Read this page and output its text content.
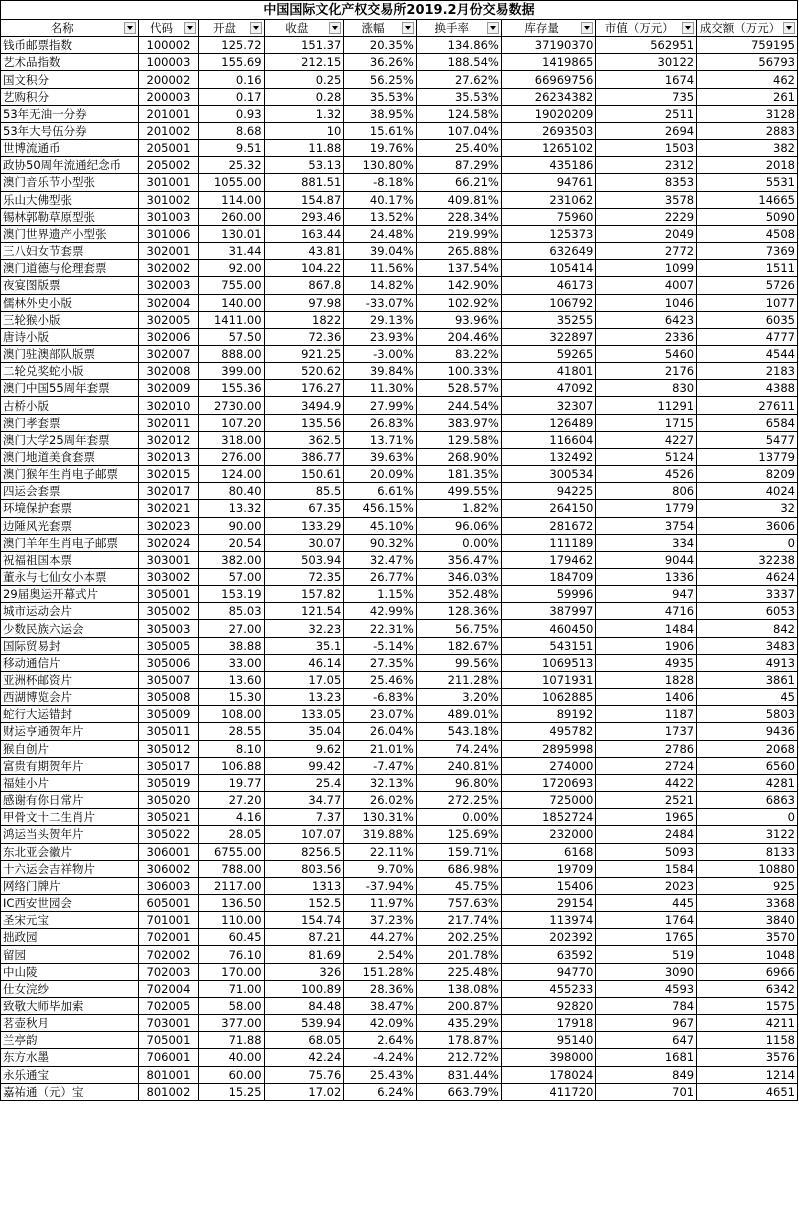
中国国际文化产权交易所2019.2月份交易数据
名称	代码	开盘	收盘	涨幅	换手率	库存量	市值（万元）	成交额（万元）

钱币邮票指数	100002	125.72	151.37	20.35%	134.86%	37190370	562951	759195
艺术品指数	100003	155.69	212.15	36.26%	188.54%	1419865	30122	56793
国文积分	200002	0.16	0.25	56.25%	27.62%	66969756	1674	462
艺购积分	200003	0.17	0.28	35.53%	35.53%	26234382	735	261
53年无油一分券	201001	0.93	1.32	38.95%	124.58%	19020209	2511	3128
53年大号伍分券	201002	8.68	10	15.61%	107.04%	2693503	2694	2883
世博流通币	205001	9.51	11.88	19.76%	25.40%	1265102	1503	382
政协50周年流通纪念币	205002	25.32	53.13	130.80%	87.29%	435186	2312	2018
澳门音乐节小型张	301001	1055.00	881.51	-8.18%	66.21%	94761	8353	5531
乐山大佛型张	301002	114.00	154.87	40.17%	409.81%	231062	3578	14665
锡林郭勒草原型张	301003	260.00	293.46	13.52%	228.34%	75960	2229	5090
澳门世界遗产小型张	301006	130.01	163.44	24.48%	219.99%	125373	2049	4508
三八妇女节套票	302001	31.44	43.81	39.04%	265.88%	632649	2772	7369
澳门道德与伦理套票	302002	92.00	104.22	11.56%	137.54%	105414	1099	1511
夜宴图版票	302003	755.00	867.8	14.82%	142.90%	46173	4007	5726
儒林外史小版	302004	140.00	97.98	-33.07%	102.92%	106792	1046	1077
三轮猴小版	302005	1411.00	1822	29.13%	93.96%	35255	6423	6035
唐诗小版	302006	57.50	72.36	23.93%	204.46%	322897	2336	4777
澳门驻澳部队版票	302007	888.00	921.25	-3.00%	83.22%	59265	5460	4544
二轮兑奖蛇小版	302008	399.00	520.62	39.84%	100.33%	41801	2176	2183
澳门中国55周年套票	302009	155.36	176.27	11.30%	528.57%	47092	830	4388
古桥小版	302010	2730.00	3494.9	27.99%	244.54%	32307	11291	27611
澳门孝套票	302011	107.20	135.56	26.83%	383.97%	126489	1715	6584
澳门大学25周年套票	302012	318.00	362.5	13.71%	129.58%	116604	4227	5477
澳门地道美食套票	302013	276.00	386.77	39.63%	268.90%	132492	5124	13779
澳门猴年生肖电子邮票	302015	124.00	150.61	20.09%	181.35%	300534	4526	8209
四运会套票	302017	80.40	85.5	6.61%	499.55%	94225	806	4024
环境保护套票	302021	13.32	67.35	456.15%	1.82%	264150	1779	32
边陲风光套票	302023	90.00	133.29	45.10%	96.06%	281672	3754	3606
澳门羊年生肖电子邮票	302024	20.54	30.07	90.32%	0.00%	111189	334	0
祝福祖国本票	303001	382.00	503.94	32.47%	356.47%	179462	9044	32238
董永与七仙女小本票	303002	57.00	72.35	26.77%	346.03%	184709	1336	4624
29届奥运开幕式片	305001	153.19	157.82	1.15%	352.48%	59996	947	3337
城市运动会片	305002	85.03	121.54	42.99%	128.36%	387997	4716	6053
少数民族六运会	305003	27.00	32.23	22.31%	56.75%	460450	1484	842
国际贸易封	305005	38.88	35.1	-5.14%	182.67%	543151	1906	3483
移动通信片	305006	33.00	46.14	27.35%	99.56%	1069513	4935	4913
亚洲杯邮资片	305007	13.60	17.05	25.46%	211.28%	1071931	1828	3861
西湖博览会片	305008	15.30	13.23	-6.83%	3.20%	1062885	1406	45
蛇行大运错封	305009	108.00	133.05	23.07%	489.01%	89192	1187	5803
财运亨通贺年片	305011	28.55	35.04	26.04%	543.18%	495782	1737	9436
猴自创片	305012	8.10	9.62	21.01%	74.24%	2895998	2786	2068
富贵有期贺年片	305017	106.88	99.42	-7.47%	240.81%	274000	2724	6560
福娃小片	305019	19.77	25.4	32.13%	96.80%	1720693	4422	4281
感谢有你日常片	305020	27.20	34.77	26.02%	272.25%	725000	2521	6863
甲骨文十二生肖片	305021	4.16	7.37	130.31%	0.00%	1852724	1965	0
鸿运当头贺年片	305022	28.05	107.07	319.88%	125.69%	232000	2484	3122
东北亚会徽片	306001	6755.00	8256.5	22.11%	159.71%	6168	5093	8133
十六运会吉祥物片	306002	788.00	803.56	9.70%	686.98%	19709	1584	10880
网络门牌片	306003	2117.00	1313	-37.94%	45.75%	15406	2023	925
IC西安世园会	605001	136.50	152.5	11.97%	757.63%	29154	445	3368
圣宋元宝	701001	110.00	154.74	37.23%	217.74%	113974	1764	3840
拙政园	702001	60.45	87.21	44.27%	202.25%	202392	1765	3570
留园	702002	76.10	81.69	2.54%	201.78%	63592	519	1048
中山陵	702003	170.00	326	151.28%	225.48%	94770	3090	6966
仕女浣纱	702004	71.00	100.89	28.36%	138.08%	455233	4593	6342
致敬大师毕加索	702005	58.00	84.48	38.47%	200.87%	92820	784	1575
茗壶秋月	703001	377.00	539.94	42.09%	435.29%	17918	967	4211
兰亭韵	705001	71.88	68.05	2.64%	178.87%	95140	647	1158
东方水墨	706001	40.00	42.24	-4.24%	212.72%	398000	1681	3576
永乐通宝	801001	60.00	75.76	25.43%	831.44%	178024	849	1214
嘉祐通（元）宝	801002	15.25	17.02	6.24%	663.79%	411720	701	4651
